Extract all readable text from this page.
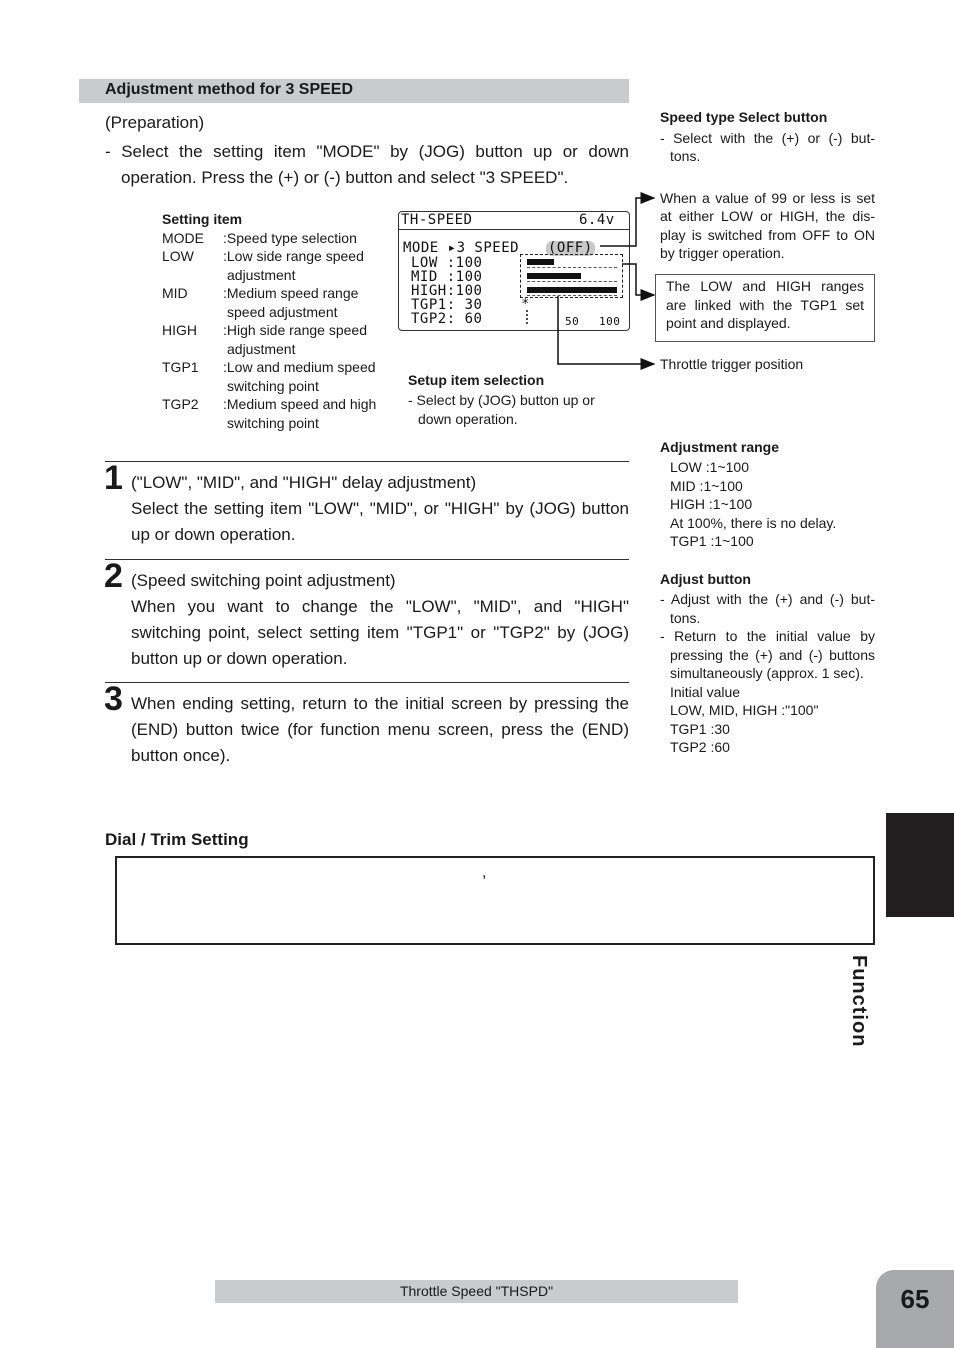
Adjustment method for 3 SPEED
(Preparation)
- Select the setting item "MODE" by (JOG) button up or down
operation. Press the (+) or (-) button and select "3 SPEED".
Setting item
MODE :Speed type selection
LOW :Low side range speed
adjustment
MID	:Medium speed range
speed adjustment
HIGH :High side range speed
adjustment
TGP1 :Low and medium speed
switching point
TGP2 :Medium speed and high
switching point
TH-SPEED	6.4v
MODE ▸3 SPEED (OFF)
LOW :100
MID :100
HIGH:100
TGP1: 30
TGP2: 60
*
50 100
Setup item selection
- Select by (JOG) button up or
down operation.
Speed type Select button
- Select with the (+) or (-) but-
tons.
When a value of 99 or less is set
at either LOW or HIGH, the dis-
play is switched from OFF to ON
by trigger operation.
The LOW and HIGH ranges
are linked with the TGP1 set
point and displayed.
Throttle trigger position
Adjustment range
LOW :1~100
MID :1~100
HIGH :1~100
At 100%, there is no delay.
TGP1 :1~100
Adjust button
- Adjust with the (+) and (-) but-
tons.
- Return to the initial value by
pressing the (+) and (-) buttons
simultaneously (approx. 1 sec).
Initial value
LOW, MID, HIGH :"100"
TGP1 :30
TGP2 :60
1 ("LOW", "MID", and "HIGH" delay adjustment)
Select the setting item "LOW", "MID", or "HIGH" by (JOG) button up or down operation.
2 (Speed switching point adjustment)
When you want to change the "LOW", "MID", and "HIGH" switching point, select setting item "TGP1" or "TGP2" by (JOG) button up or down operation.
3 When ending setting, return to the initial screen by pressing the (END) button twice (for function menu screen, press the (END) button once).
Dial / Trim Setting
,
Function
Throttle Speed "THSPD"	65
